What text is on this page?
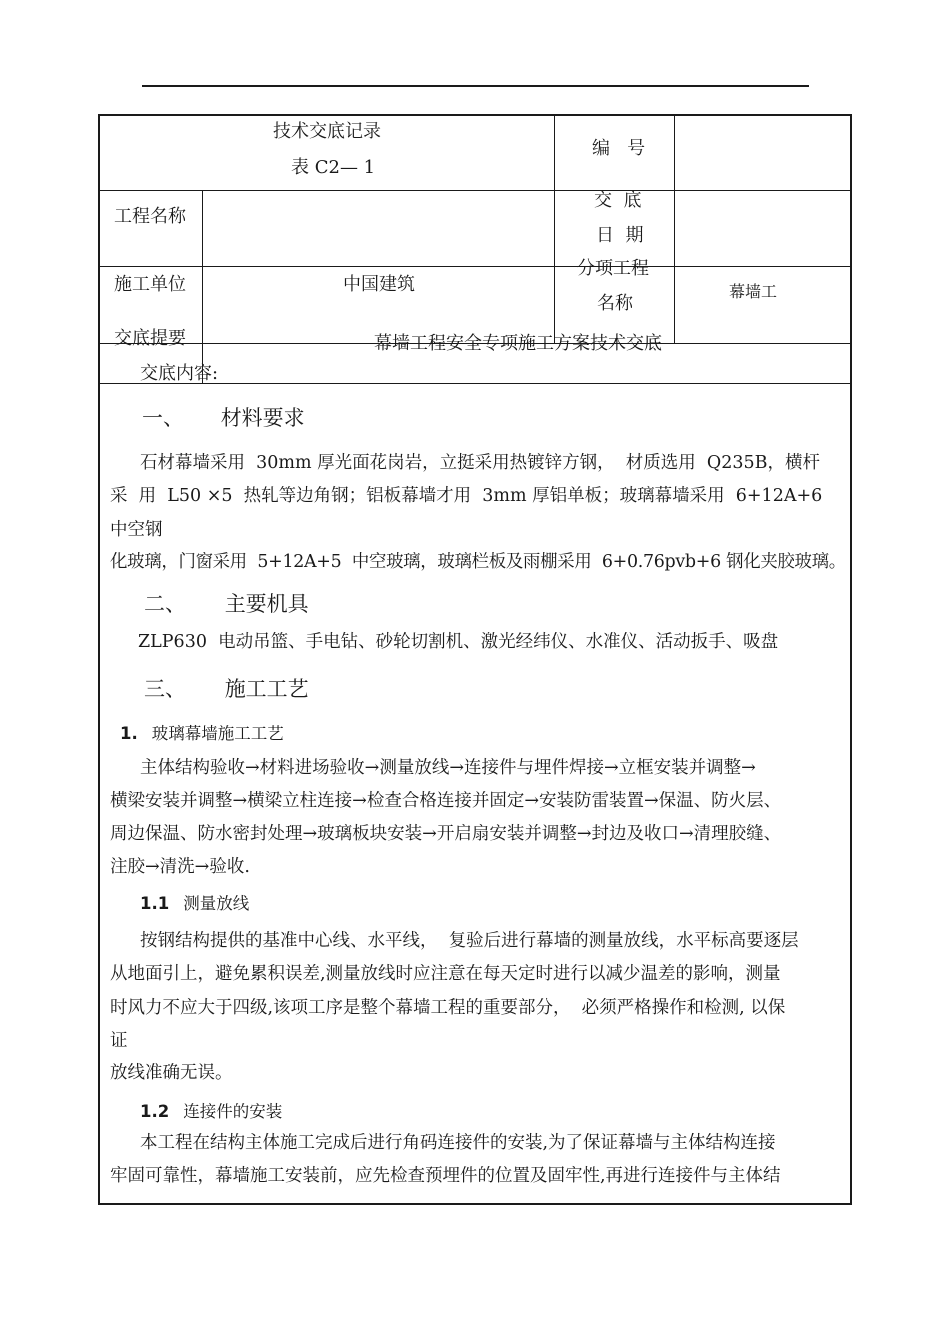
技术交底记录
表 C2— 1
编   号
工程名称
交  底
日  期
施工单位	中国建筑
分项工程
名称
幕墙工
交底提要	幕墙工程安全专项施工方案技术交底
交底内容:
一、 材料要求
石材幕墙采用  30mm 厚光面花岗岩，立挺采用热镀锌方钢，  材质选用  Q235B，横杆
采  用  L50 ×5  热轧等边角钢；铝板幕墙才用  3mm 厚铝单板；玻璃幕墙采用  6+12A+6
中空钢
化玻璃，门窗采用  5+12A+5  中空玻璃，玻璃栏板及雨棚采用  6+0.76pvb+6 钢化夹胶玻璃。
二、 主要机具
ZLP630  电动吊篮、手电钻、砂轮切割机、激光经纬仪、水准仪、活动扳手、吸盘
三、 施工工艺
1. 玻璃幕墙施工工艺
主体结构验收→材料进场验收→测量放线→连接件与埋件焊接→立框安装并调整→
横梁安装并调整→横梁立柱连接→检查合格连接并固定→安装防雷装置→保温、防火层、
周边保温、防水密封处理→玻璃板块安装→开启扇安装并调整→封边及收口→清理胶缝、
注胶→清洗→验收.
1.1 测量放线
按钢结构提供的基准中心线、水平线，  复验后进行幕墙的测量放线，水平标高要逐层
从地面引上，避免累积误差,测量放线时应注意在每天定时进行以减少温差的影响，测量
时风力不应大于四级,该项工序是整个幕墙工程的重要部分，  必须严格操作和检测, 以保
证
放线准确无误。
1.2 连接件的安装
本工程在结构主体施工完成后进行角码连接件的安装,为了保证幕墙与主体结构连接
牢固可靠性，幕墙施工安装前，应先检查预埋件的位置及固牢性,再进行连接件与主体结
